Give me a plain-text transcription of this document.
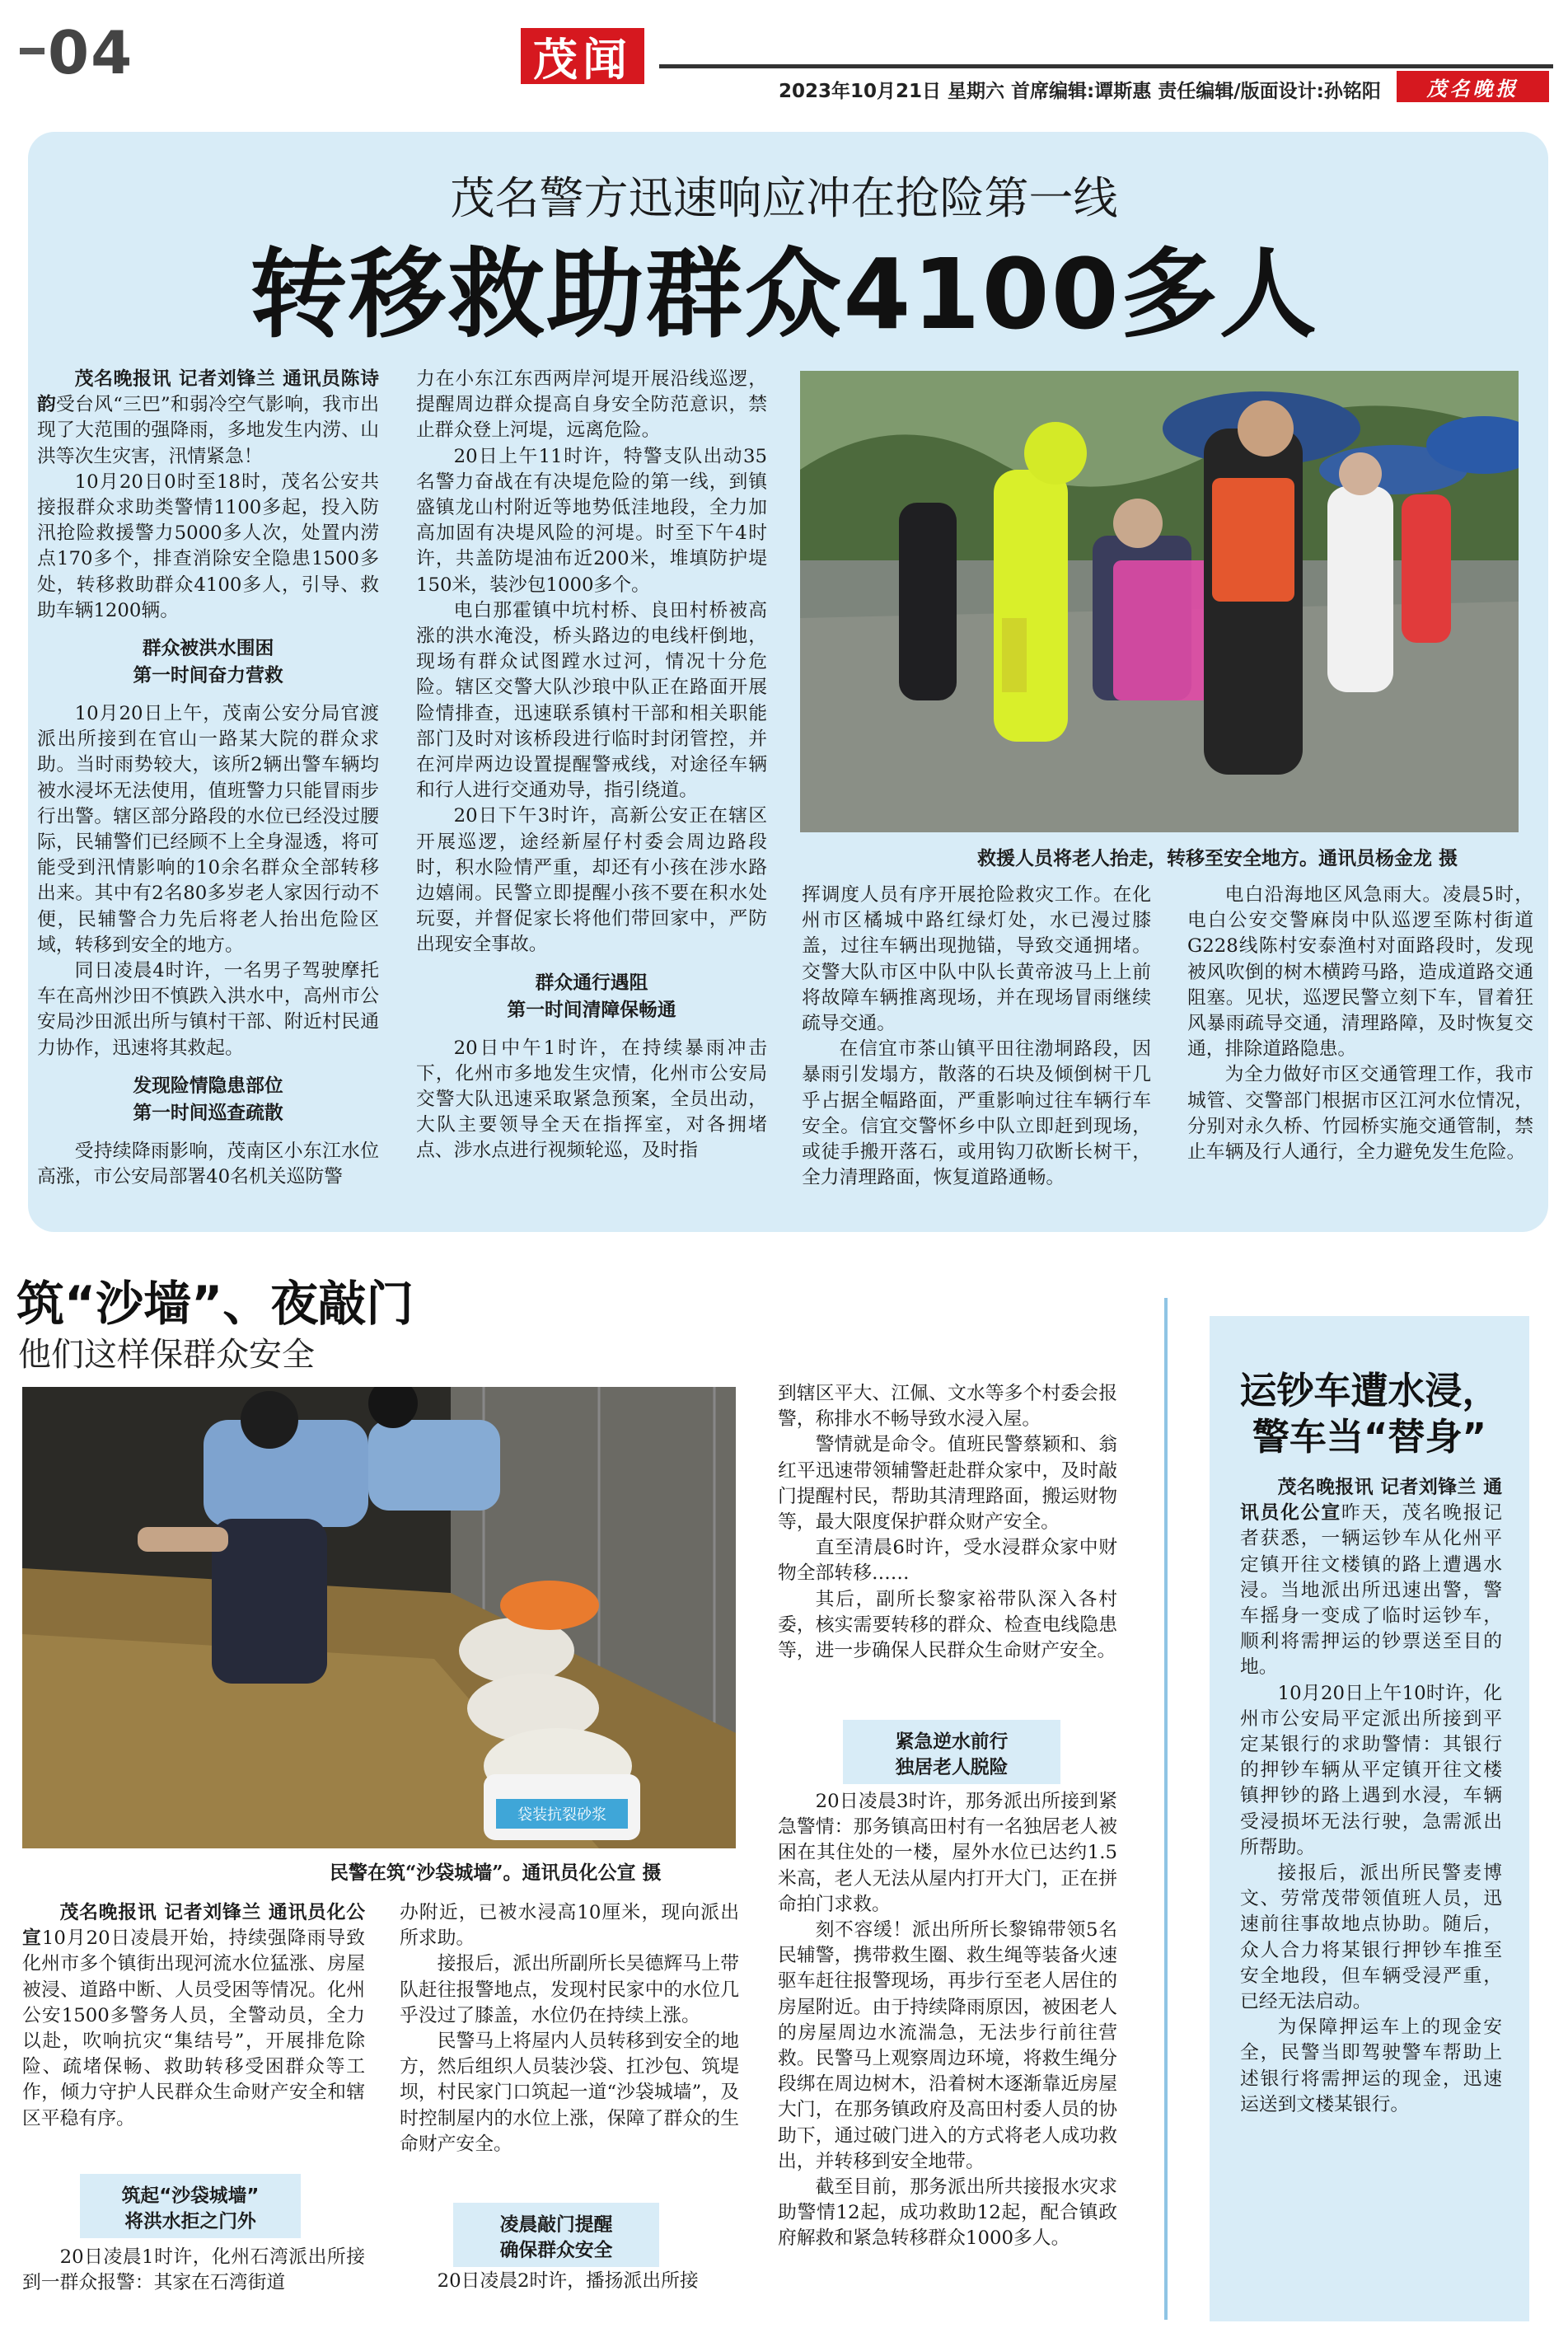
04	茂闻
2023年10月21日 星期六 首席编辑:谭斯惠 责任编辑/版面设计:孙铭阳	茂名晚报
茂名警方迅速响应冲在抢险第一线
转移救助群众4100多人

茂名晚报讯 记者刘锋兰 通讯员陈诗韵受台风“三巴”和弱冷空气影响，我市出现了大范围的强降雨，多地发生内涝、山洪等次生灾害，汛情紧急！

10月20日0时至18时，茂名公安共接报群众求助类警情1100多起，投入防汛抢险救援警力5000多人次，处置内涝点170多个，排查消除安全隐患1500多处，转移救助群众4100多人，引导、救助车辆1200辆。

群众被洪水围困
第一时间奋力营救

10月20日上午，茂南公安分局官渡派出所接到在官山一路某大院的群众求助。当时雨势较大，该所2辆出警车辆均被水浸坏无法使用，值班警力只能冒雨步行出警。辖区部分路段的水位已经没过腰际，民辅警们已经顾不上全身湿透，将可能受到汛情影响的10余名群众全部转移出来。其中有2名80多岁老人家因行动不便，民辅警合力先后将老人抬出危险区域，转移到安全的地方。

同日凌晨4时许，一名男子驾驶摩托车在高州沙田不慎跌入洪水中，高州市公安局沙田派出所与镇村干部、附近村民通力协作，迅速将其救起。

发现险情隐患部位
第一时间巡查疏散

受持续降雨影响，茂南区小东江水位高涨，市公安局部署40名机关巡防警

力在小东江东西两岸河堤开展沿线巡逻，提醒周边群众提高自身安全防范意识，禁止群众登上河堤，远离危险。

20日上午11时许，特警支队出动35名警力奋战在有决堤危险的第一线，到镇盛镇龙山村附近等地势低洼地段，全力加高加固有决堤风险的河堤。时至下午4时许，共盖防堤油布近200米，堆填防护堤150米，装沙包1000多个。

电白那霍镇中坑村桥、良田村桥被高涨的洪水淹没，桥头路边的电线杆倒地，现场有群众试图蹚水过河，情况十分危险。辖区交警大队沙琅中队正在路面开展险情排查，迅速联系镇村干部和相关职能部门及时对该桥段进行临时封闭管控，并在河岸两边设置提醒警戒线，对途径车辆和行人进行交通劝导，指引绕道。

20日下午3时许，高新公安正在辖区开展巡逻，途经新屋仔村委会周边路段时，积水险情严重，却还有小孩在涉水路边嬉闹。民警立即提醒小孩不要在积水处玩耍，并督促家长将他们带回家中，严防出现安全事故。

群众通行遇阻
第一时间清障保畅通

20日中午1时许，在持续暴雨冲击下，化州市多地发生灾情，化州市公安局交警大队迅速采取紧急预案，全员出动，大队主要领导全天在指挥室，对各拥堵点、涉水点进行视频轮巡，及时指

救援人员将老人抬走，转移至安全地方。通讯员杨金龙 摄

挥调度人员有序开展抢险救灾工作。在化州市区橘城中路红绿灯处，水已漫过膝盖，过往车辆出现抛锚，导致交通拥堵。交警大队市区中队中队长黄帝波马上上前将故障车辆推离现场，并在现场冒雨继续疏导交通。

在信宜市茶山镇平田往渤垌路段，因暴雨引发塌方，散落的石块及倾倒树干几乎占据全幅路面，严重影响过往车辆行车安全。信宜交警怀乡中队立即赶到现场，或徒手搬开落石，或用钩刀砍断长树干，全力清理路面，恢复道路通畅。

电白沿海地区风急雨大。凌晨5时，电白公安交警麻岗中队巡逻至陈村街道G228线陈村安泰渔村对面路段时，发现被风吹倒的树木横跨马路，造成道路交通阻塞。见状，巡逻民警立刻下车，冒着狂风暴雨疏导交通，清理路障，及时恢复交通，排除道路隐患。

为全力做好市区交通管理工作，我市城管、交警部门根据市区江河水位情况，分别对永久桥、竹园桥实施交通管制，禁止车辆及行人通行，全力避免发生危险。

筑“沙墙”、夜敲门
他们这样保群众安全
袋装抗裂砂浆
民警在筑“沙袋城墙”。通讯员化公宣 摄

茂名晚报讯 记者刘锋兰 通讯员化公宣10月20日凌晨开始，持续强降雨导致化州市多个镇街出现河流水位猛涨、房屋被浸、道路中断、人员受困等情况。化州公安1500多警务人员，全警动员，全力以赴，吹响抗灾“集结号”，开展排危除险、疏堵保畅、救助转移受困群众等工作，倾力守护人民群众生命财产安全和辖区平稳有序。

筑起“沙袋城墙”
将洪水拒之门外

20日凌晨1时许，化州石湾派出所接到一群众报警：其家在石湾街道

办附近，已被水浸高10厘米，现向派出所求助。

接报后，派出所副所长吴德辉马上带队赶往报警地点，发现村民家中的水位几乎没过了膝盖，水位仍在持续上涨。

民警马上将屋内人员转移到安全的地方，然后组织人员装沙袋、扛沙包、筑堤坝，村民家门口筑起一道“沙袋城墙”，及时控制屋内的水位上涨，保障了群众的生命财产安全。

凌晨敲门提醒
确保群众安全

20日凌晨2时许，播扬派出所接

到辖区平大、江佩、文水等多个村委会报警，称排水不畅导致水浸入屋。

警情就是命令。值班民警蔡颖和、翁红平迅速带领辅警赶赴群众家中，及时敲门提醒村民，帮助其清理路面，搬运财物等，最大限度保护群众财产安全。

直至清晨6时许，受水浸群众家中财物全部转移……

其后，副所长黎家裕带队深入各村委，核实需要转移的群众、检查电线隐患等，进一步确保人民群众生命财产安全。

紧急逆水前行
独居老人脱险

20日凌晨3时许，那务派出所接到紧急警情：那务镇高田村有一名独居老人被困在其住处的一楼，屋外水位已达约1.5米高，老人无法从屋内打开大门，正在拼命拍门求救。

刻不容缓！派出所所长黎锦带领5名民辅警，携带救生圈、救生绳等装备火速驱车赶往报警现场，再步行至老人居住的房屋附近。由于持续降雨原因，被困老人的房屋周边水流湍急，无法步行前往营救。民警马上观察周边环境，将救生绳分段绑在周边树木，沿着树木逐渐靠近房屋大门，在那务镇政府及高田村委人员的协助下，通过破门进入的方式将老人成功救出，并转移到安全地带。

截至目前，那务派出所共接报水灾求助警情12起，成功救助12起，配合镇政府解救和紧急转移群众1000多人。

运钞车遭水浸，
警车当“替身”

茂名晚报讯 记者刘锋兰 通讯员化公宣昨天，茂名晚报记者获悉，一辆运钞车从化州平定镇开往文楼镇的路上遭遇水浸。当地派出所迅速出警，警车摇身一变成了临时运钞车，顺利将需押运的钞票送至目的地。

10月20日上午10时许，化州市公安局平定派出所接到平定某银行的求助警情：其银行的押钞车辆从平定镇开往文楼镇押钞的路上遇到水浸，车辆受浸损坏无法行驶，急需派出所帮助。

接报后，派出所民警麦博文、劳常茂带领值班人员，迅速前往事故地点协助。随后，众人合力将某银行押钞车推至安全地段，但车辆受浸严重，已经无法启动。

为保障押运车上的现金安全，民警当即驾驶警车帮助上述银行将需押运的现金，迅速运送到文楼某银行。
